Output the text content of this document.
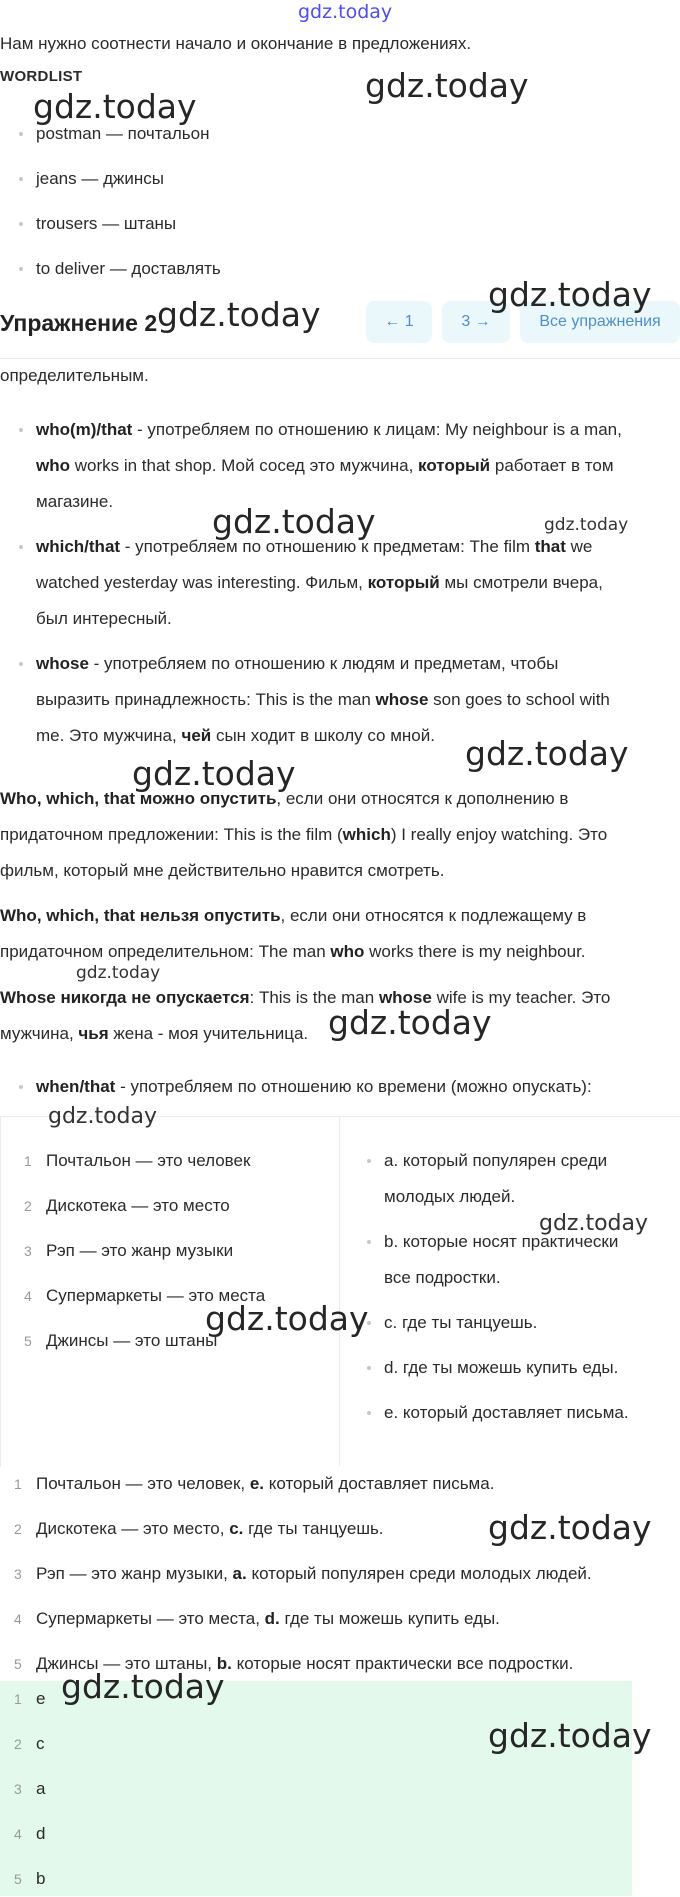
gdz.today

Нам нужно соотнести начало и окончание в предложениях.

WORDLIST
postman — почтальон
jeans — джинсы
trousers — штаны
to deliver — доставлять
Упражнение 2	← 1	3 →	Все упражнения

определительным.

who(m)/that - употребляем по отношению к лицам: My neighbour is a man,
who works in that shop. Мой сосед это мужчина, который работает в том
магазине.
which/that - употребляем по отношению к предметам: The film that we
watched yesterday was interesting. Фильм, который мы смотрели вчера,
был интересный.
whose - употребляем по отношению к людям и предметам, чтобы
выразить принадлежность: This is the man whose son goes to school with
me. Это мужчина, чей сын ходит в школу со мной.

Who, which, that можно опустить, если они относятся к дополнению в

придаточном предложении: This is the film (which) I really enjoy watching. Это

фильм, который мне действительно нравится смотреть.

Who, which, that нельзя опустить, если они относятся к подлежащему в

придаточном определительном: The man who works there is my neighbour.

Whose никогда не опускается: This is the man whose wife is my teacher. Это

мужчина, чья жена - моя учительница.

when/that - употребляем по отношению ко времени (можно опускать):
1 Почтальон — это человек
2 Дискотека — это место
3 Рэп — это жанр музыки
4 Супермаркеты — это места
5 Джинсы — это штаны
a. который популярен среди
молодых людей.
b. которые носят практически
все подростки.
c. где ты танцуешь.
d. где ты можешь купить еды.
e. который доставляет письма.
1 Почтальон — это человек, e. который доставляет письма.
2 Дискотека — это место, c. где ты танцуешь.
3 Рэп — это жанр музыки, a. который популярен среди молодых людей.
4 Супермаркеты — это места, d. где ты можешь купить еды.
5 Джинсы — это штаны, b. которые носят практически все подростки.
1 e
2 c
3 a
4 d
5 b
gdz.today
gdz.today
gdz.today
gdz.today
gdz.today	gdz.today
gdz.today
gdz.today
gdz.today
gdz.today
gdz.today
gdz.today
gdz.today
gdz.today
gdz.today
gdz.today
